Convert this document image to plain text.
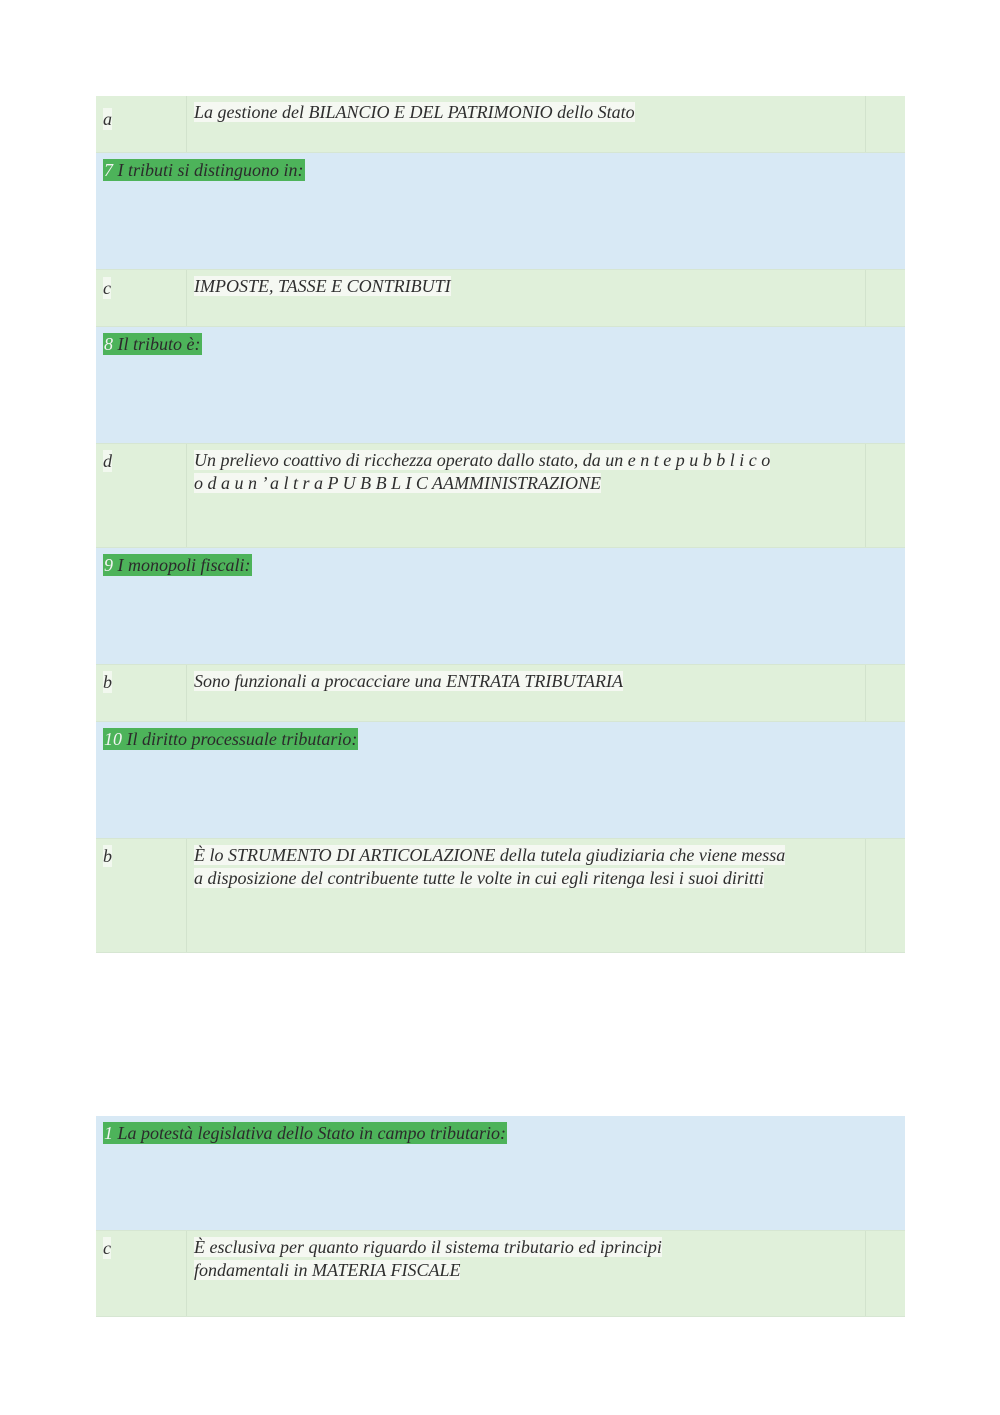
a	La gestione del BILANCIO E DEL PATRIMONIO dello Stato
7 I tributi si distinguono in:
c	IMPOSTE, TASSE E CONTRIBUTI
8 Il tributo è:
d	Un prelievo coattivo di ricchezza operato dallo stato, da un e n t e p u b b l i c o
o d a u n ’ a l t r a P U B B L I C AAMMINISTRAZIONE
9 I monopoli fiscali:
b	Sono funzionali a procacciare una ENTRATA TRIBUTARIA
10 Il diritto processuale tributario:
b	È lo STRUMENTO DI ARTICOLAZIONE della tutela giudiziaria che viene messa
a disposizione del contribuente tutte le volte in cui egli ritenga lesi i suoi diritti
1 La potestà legislativa dello Stato in campo tributario:
c	È esclusiva per quanto riguardo il sistema tributario ed iprincipi
fondamentali in MATERIA FISCALE
